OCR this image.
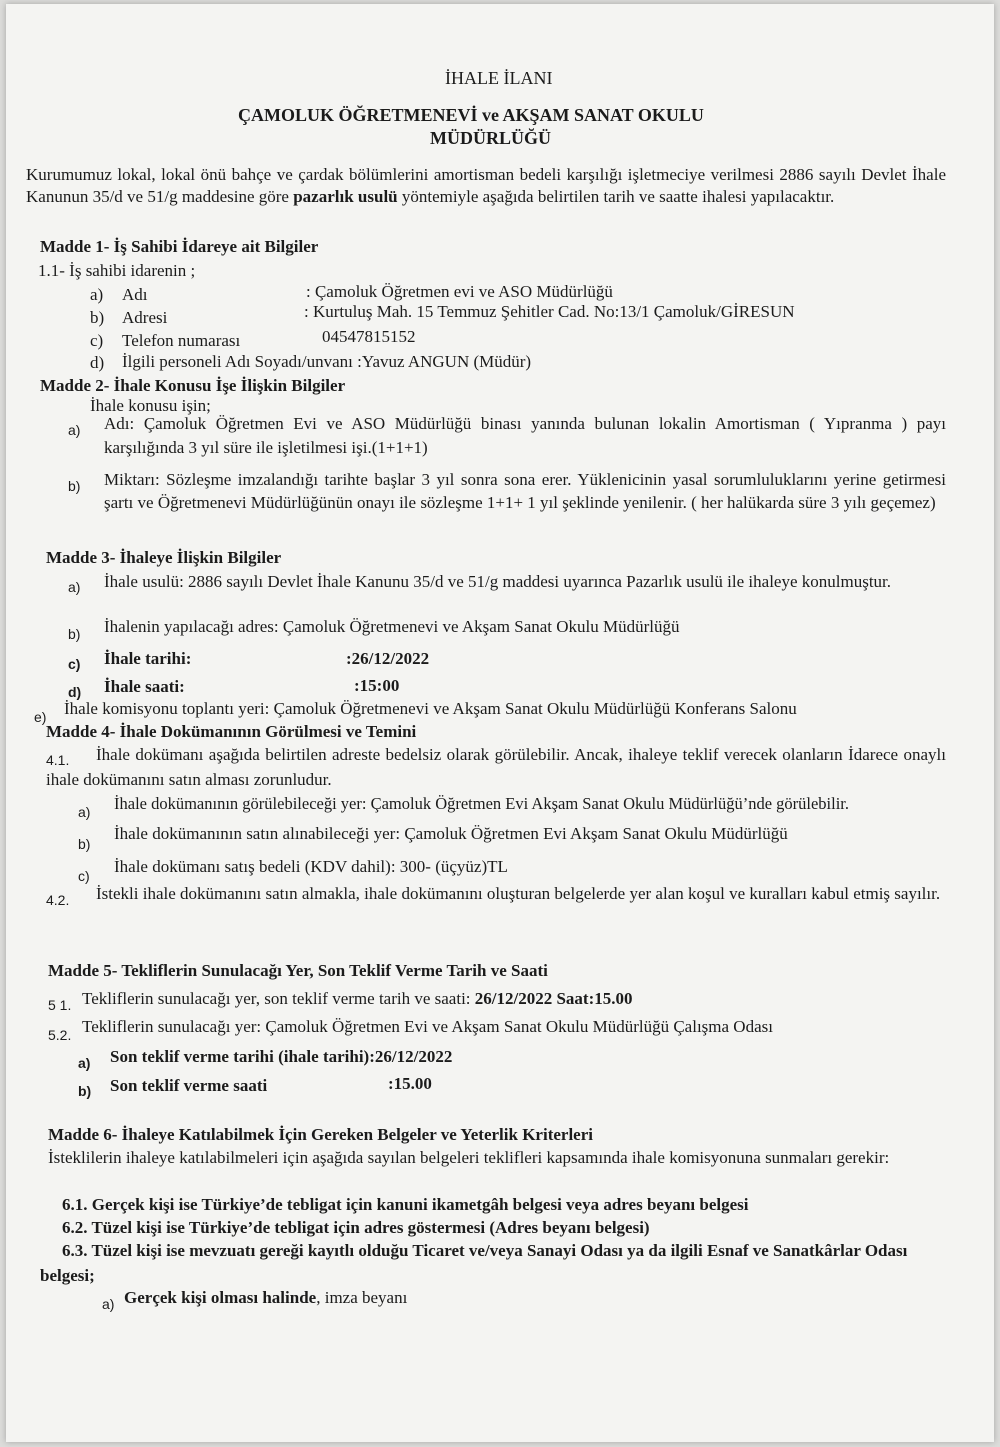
İHALE İLANI
ÇAMOLUK ÖĞRETMENEVİ ve AKŞAM SANAT OKULU
MÜDÜRLÜĞÜ
Kurumumuz lokal, lokal önü bahçe ve çardak bölümlerini amortisman bedeli karşılığı işletmeciye verilmesi 2886 sayılı Devlet İhale Kanunun 35/d ve 51/g maddesine göre pazarlık usulü yöntemiyle aşağıda belirtilen tarih ve saatte ihalesi yapılacaktır.
Madde 1- İş Sahibi İdareye ait Bilgiler
1.1- İş sahibi idarenin ;
a) Adı	: Çamoluk Öğretmen evi ve ASO Müdürlüğü
b) Adresi	: Kurtuluş Mah. 15 Temmuz Şehitler Cad. No:13/1 Çamoluk/GİRESUN
c) Telefon numarası	04547815152
d) İlgili personeli Adı Soyadı/unvanı :Yavuz ANGUN (Müdür)
Madde 2- İhale Konusu İşe İlişkin Bilgiler
İhale konusu işin;
a) Adı: Çamoluk Öğretmen Evi ve ASO Müdürlüğü binası yanında bulunan lokalin Amortisman ( Yıpranma ) payı karşılığında 3 yıl süre ile işletilmesi işi.(1+1+1)
b) Miktarı: Sözleşme imzalandığı tarihte başlar 3 yıl sonra sona erer. Yüklenicinin yasal sorumluluklarını yerine getirmesi şartı ve Öğretmenevi Müdürlüğünün onayı ile sözleşme 1+1+ 1 yıl şeklinde yenilenir. ( her halükarda süre 3 yılı geçemez)
Madde 3- İhaleye İlişkin Bilgiler
a) İhale usulü: 2886 sayılı Devlet İhale Kanunu 35/d ve 51/g maddesi uyarınca Pazarlık usulü ile ihaleye konulmuştur.
b) İhalenin yapılacağı adres: Çamoluk Öğretmenevi ve Akşam Sanat Okulu Müdürlüğü
c) İhale tarihi:	:26/12/2022
d) İhale saati:	:15:00
e) İhale komisyonu toplantı yeri: Çamoluk Öğretmenevi ve Akşam Sanat Okulu Müdürlüğü Konferans Salonu
Madde 4- İhale Dokümanının Görülmesi ve Temini
4.1.	İhale dokümanı aşağıda belirtilen adreste bedelsiz olarak görülebilir. Ancak, ihaleye teklif verecek olanların İdarece onaylı ihale dokümanını satın alması zorunludur.
a) İhale dokümanının görülebileceği yer: Çamoluk Öğretmen Evi Akşam Sanat Okulu Müdürlüğü’nde görülebilir.
b)
İhale dokümanının satın alınabileceği yer: Çamoluk Öğretmen Evi Akşam Sanat Okulu Müdürlüğü
c) İhale dokümanı satış bedeli (KDV dahil): 300- (üçyüz)TL
4.2.	İstekli ihale dokümanını satın almakla, ihale dokümanını oluşturan belgelerde yer alan koşul ve kuralları kabul etmiş sayılır.
Madde 5- Tekliflerin Sunulacağı Yer, Son Teklif Verme Tarih ve Saati
5 1. Tekliflerin sunulacağı yer, son teklif verme tarih ve saati: 26/12/2022 Saat:15.00
5.2. Tekliflerin sunulacağı yer: Çamoluk Öğretmen Evi ve Akşam Sanat Okulu Müdürlüğü Çalışma Odası
a) Son teklif verme tarihi (ihale tarihi):26/12/2022
b) Son teklif verme saati	:15.00
Madde 6- İhaleye Katılabilmek İçin Gereken Belgeler ve Yeterlik Kriterleri
İsteklilerin ihaleye katılabilmeleri için aşağıda sayılan belgeleri teklifleri kapsamında ihale komisyonuna sunmaları gerekir:
6.1. Gerçek kişi ise Türkiye’de tebligat için kanuni ikametgâh belgesi veya adres beyanı belgesi
6.2. Tüzel kişi ise Türkiye’de tebligat için adres göstermesi (Adres beyanı belgesi)
6.3. Tüzel kişi ise mevzuatı gereği kayıtlı olduğu Ticaret ve/veya Sanayi Odası ya da ilgili Esnaf ve Sanatkârlar Odası belgesi;
a) Gerçek kişi olması halinde, imza beyanı
